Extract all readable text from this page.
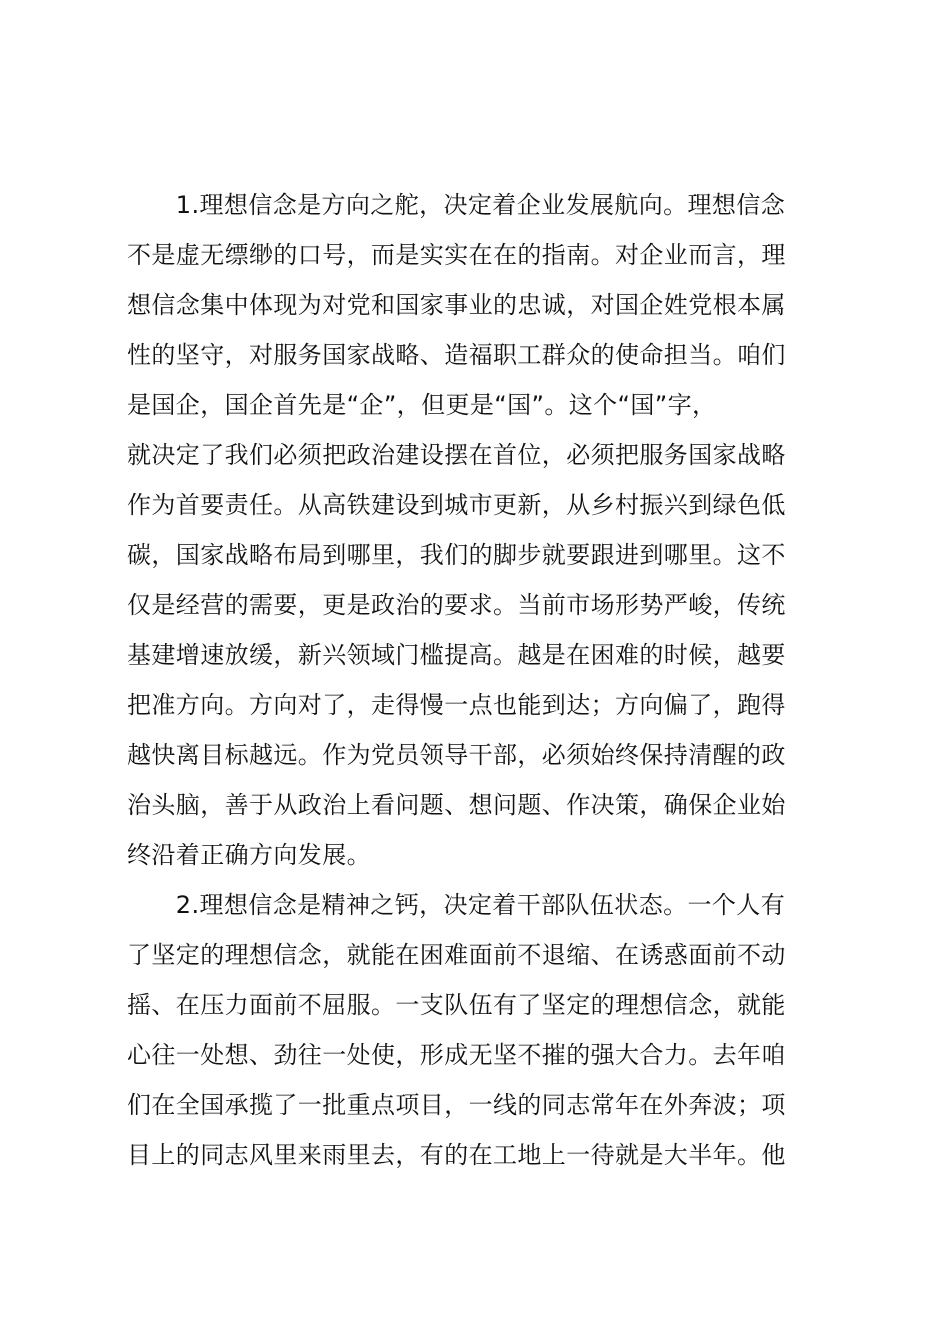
　　1.理想信念是方向之舵，决定着企业发展航向。理想信念
不是虚无缥缈的口号，而是实实在在的指南。对企业而言，理
想信念集中体现为对党和国家事业的忠诚，对国企姓党根本属
性的坚守，对服务国家战略、造福职工群众的使命担当。咱们
是国企，国企首先是“企”，但更是“国”。这个“国”字，
就决定了我们必须把政治建设摆在首位，必须把服务国家战略
作为首要责任。从高铁建设到城市更新，从乡村振兴到绿色低
碳，国家战略布局到哪里，我们的脚步就要跟进到哪里。这不
仅是经营的需要，更是政治的要求。当前市场形势严峻，传统
基建增速放缓，新兴领域门槛提高。越是在困难的时候，越要
把准方向。方向对了，走得慢一点也能到达；方向偏了，跑得
越快离目标越远。作为党员领导干部，必须始终保持清醒的政
治头脑，善于从政治上看问题、想问题、作决策，确保企业始
终沿着正确方向发展。
　　2.理想信念是精神之钙，决定着干部队伍状态。一个人有
了坚定的理想信念，就能在困难面前不退缩、在诱惑面前不动
摇、在压力面前不屈服。一支队伍有了坚定的理想信念，就能
心往一处想、劲往一处使，形成无坚不摧的强大合力。去年咱
们在全国承揽了一批重点项目，一线的同志常年在外奔波；项
目上的同志风里来雨里去，有的在工地上一待就是大半年。他
